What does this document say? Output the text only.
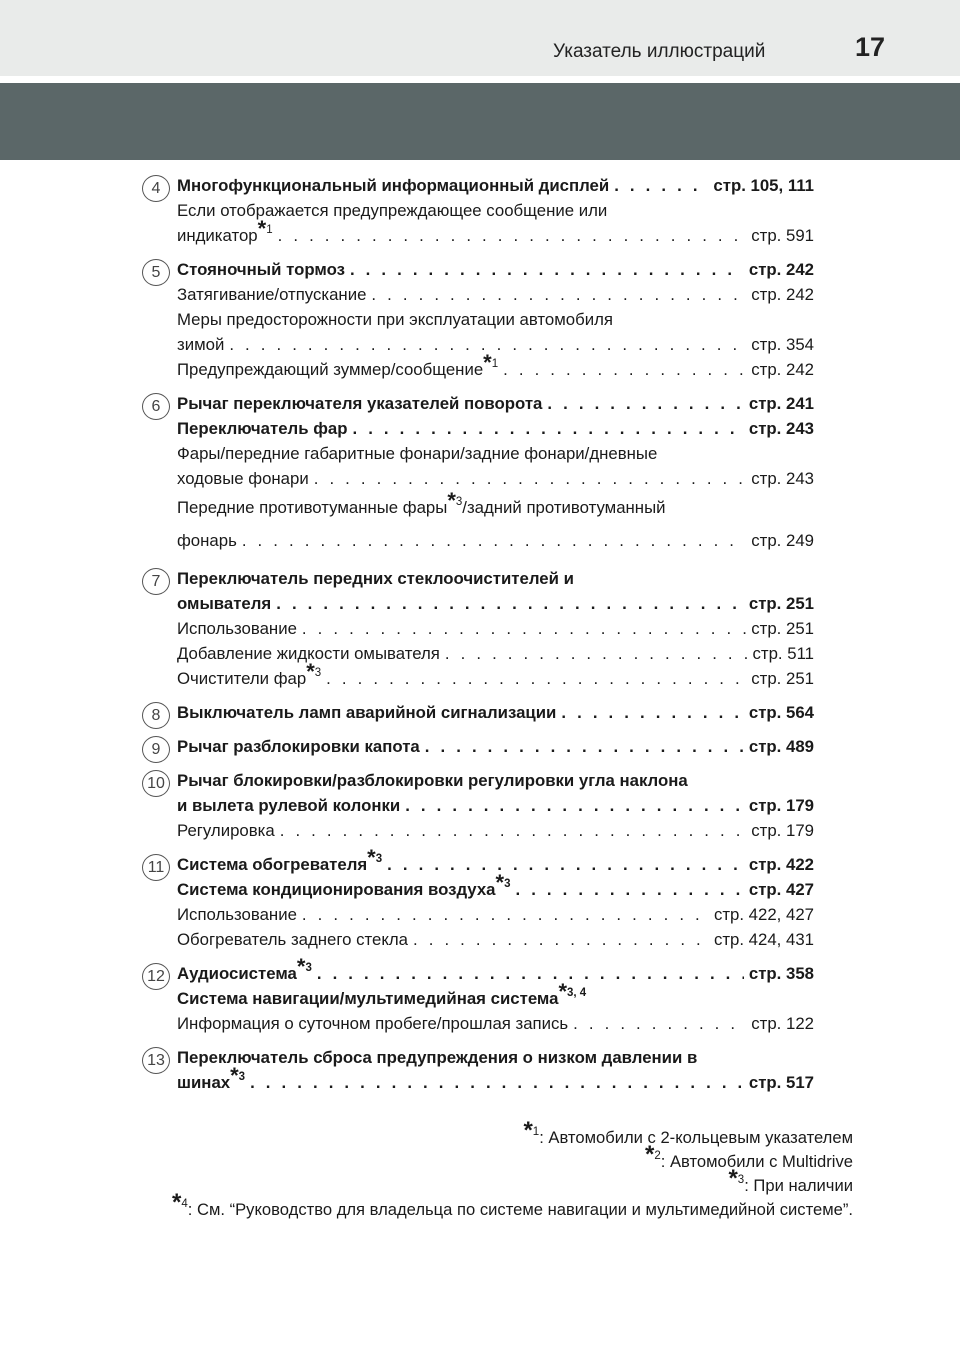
Указатель иллюстраций	17
4 Многофункциональный информационный дисплей . . .	стр. 105, 111
Если отображается предупреждающее сообщение или
индикатор$^{*1}$ . . .	стр. 591
5 Стояночный тормоз . . .	стр. 242
Затягивание/отпускание . . .	стр. 242
Меры предосторожности при эксплуатации автомобиля
зимой . . .	стр. 354
Предупреждающий зуммер/сообщение$^{*1}$ . . .	стр. 242
6 Рычаг переключателя указателей поворота . . .	стр. 241
Переключатель фар . . .	стр. 243
Фары/передние габаритные фонари/задние фонари/дневные
ходовые фонари . . .	стр. 243
Передние противотуманные фары$^{*3}$/задний противотуманный
фонарь . . .	стр. 249
7 Переключатель передних стеклоочистителей и
омывателя . . .	стр. 251
Использование . . .	стр. 251
Добавление жидкости омывателя . . .	стр. 511
Очистители фар$^{*3}$ . . .	стр. 251
8 Выключатель ламп аварийной сигнализации . . .	стр. 564
9 Рычаг разблокировки капота . . .	стр. 489
10 Рычаг блокировки/разблокировки регулировки угла наклона
и вылета рулевой колонки . . .	стр. 179
Регулировка . . .	стр. 179
11 Система обогревателя$^{*3}$ . . .	стр. 422
Система кондиционирования воздуха$^{*3}$ . . .	стр. 427
Использование . . .	стр. 422, 427
Обогреватель заднего стекла . . .	стр. 424, 431
12 Аудиосистема$^{*3}$ . . .	стр. 358
Система навигации/мультимедийная система$^{*3, 4}$
Информация о суточном пробеге/прошлая запись . . .	стр. 122
13 Переключатель сброса предупреждения о низком давлении в
шинах$^{*3}$ . . .	стр. 517
$^{*1}$: Автомобили с 2-кольцевым указателем
$^{*2}$: Автомобили с Multidrive
$^{*3}$: При наличии
$^{*4}$: См. “Руководство для владельца по системе навигации и мультимедийной системе”.
